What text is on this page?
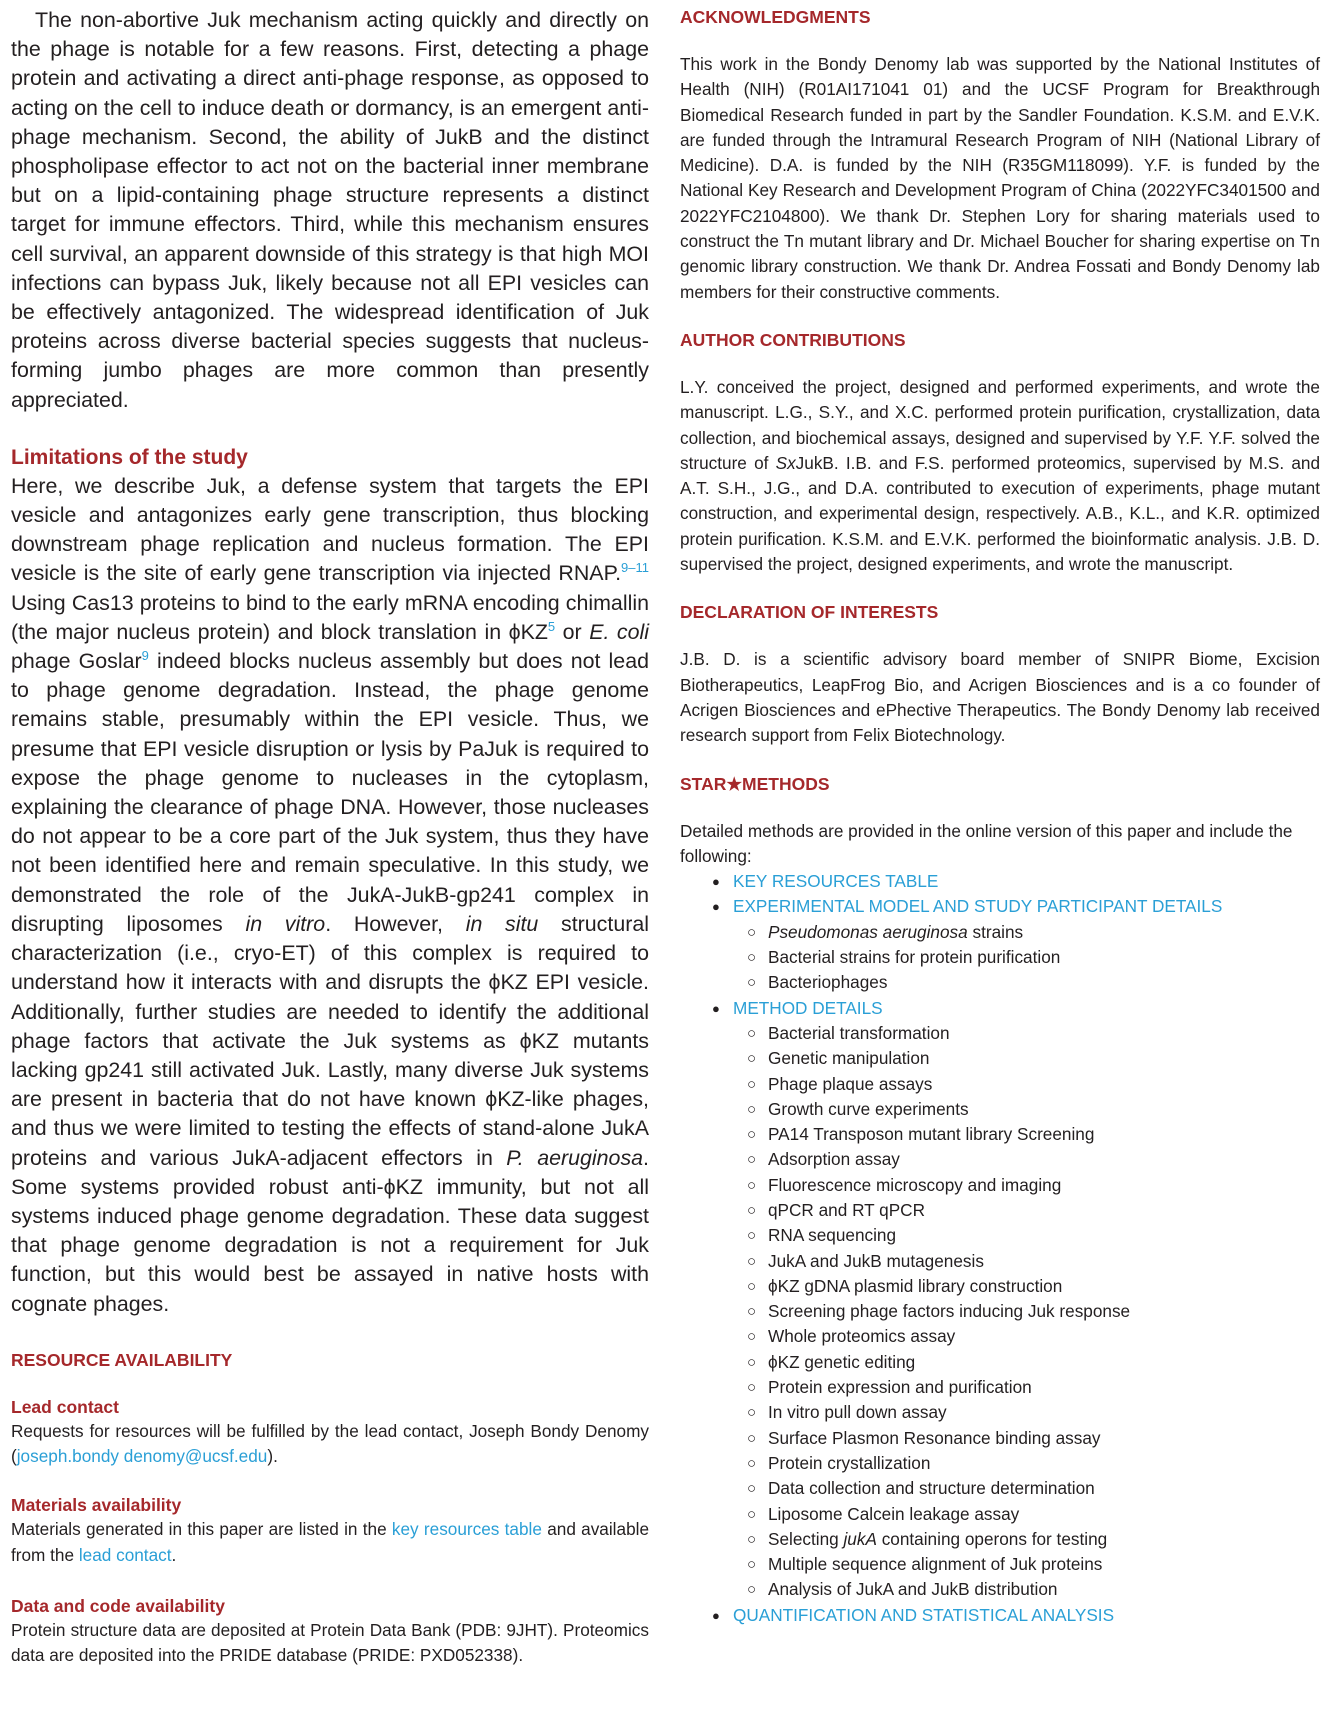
The non-abortive Juk mechanism acting quickly and directly on the phage is notable for a few reasons. First, detecting a phage protein and activating a direct anti-phage response, as opposed to acting on the cell to induce death or dormancy, is an emergent anti-phage mechanism. Second, the ability of JukB and the distinct phospholipase effector to act not on the bacterial inner membrane but on a lipid-containing phage structure represents a distinct target for immune effectors. Third, while this mechanism ensures cell survival, an apparent downside of this strategy is that high MOI infections can bypass Juk, likely because not all EPI vesicles can be effectively antagonized. The widespread identification of Juk proteins across diverse bacterial species suggests that nucleus-forming jumbo phages are more common than presently appreciated.

Limitations of the study

Here, we describe Juk, a defense system that targets the EPI vesicle and antagonizes early gene transcription, thus blocking downstream phage replication and nucleus formation. The EPI vesicle is the site of early gene transcription via injected RNAP.$^{9-11}$ Using Cas13 proteins to bind to the early mRNA encoding chimallin (the major nucleus protein) and block translation in ϕKZ$^5$ or E. coli phage Goslar$^9$ indeed blocks nucleus assembly but does not lead to phage genome degradation. Instead, the phage genome remains stable, presumably within the EPI vesicle. Thus, we presume that EPI vesicle disruption or lysis by PaJuk is required to expose the phage genome to nucleases in the cytoplasm, explaining the clearance of phage DNA. However, those nucleases do not appear to be a core part of the Juk system, thus they have not been identified here and remain speculative. In this study, we demonstrated the role of the JukA-JukB-gp241 complex in disrupting liposomes in vitro. However, in situ structural characterization (i.e., cryo-ET) of this complex is required to understand how it interacts with and disrupts the ϕKZ EPI vesicle. Additionally, further studies are needed to identify the additional phage factors that activate the Juk systems as ϕKZ mutants lacking gp241 still activated Juk. Lastly, many diverse Juk systems are present in bacteria that do not have known ϕKZ-like phages, and thus we were limited to testing the effects of stand-alone JukA proteins and various JukA-adjacent effectors in P. aeruginosa. Some systems provided robust anti-ϕKZ immunity, but not all systems induced phage genome degradation. These data suggest that phage genome degradation is not a requirement for Juk function, but this would best be assayed in native hosts with cognate phages.

RESOURCE AVAILABILITY
Lead contact

Requests for resources will be fulfilled by the lead contact, Joseph Bondy Denomy (joseph.bondy denomy@ucsf.edu).

Materials availability

Materials generated in this paper are listed in the key resources table and available from the lead contact.

Data and code availability

Protein structure data are deposited at Protein Data Bank (PDB: 9JHT). Proteomics data are deposited into the PRIDE database (PRIDE: PXD052338).

ACKNOWLEDGMENTS

This work in the Bondy Denomy lab was supported by the National Institutes of Health (NIH) (R01AI171041 01) and the UCSF Program for Breakthrough Biomedical Research funded in part by the Sandler Foundation. K.S.M. and E.V.K. are funded through the Intramural Research Program of NIH (National Library of Medicine). D.A. is funded by the NIH (R35GM118099). Y.F. is funded by the National Key Research and Development Program of China (2022YFC3401500 and 2022YFC2104800). We thank Dr. Stephen Lory for sharing materials used to construct the Tn mutant library and Dr. Michael Boucher for sharing expertise on Tn genomic library construction. We thank Dr. Andrea Fossati and Bondy Denomy lab members for their constructive comments.

AUTHOR CONTRIBUTIONS

L.Y. conceived the project, designed and performed experiments, and wrote the manuscript. L.G., S.Y., and X.C. performed protein purification, crystallization, data collection, and biochemical assays, designed and supervised by Y.F. Y.F. solved the structure of SxJukB. I.B. and F.S. performed proteomics, supervised by M.S. and A.T. S.H., J.G., and D.A. contributed to execution of experiments, phage mutant construction, and experimental design, respectively. A.B., K.L., and K.R. optimized protein purification. K.S.M. and E.V.K. performed the bioinformatic analysis. J.B. D. supervised the project, designed experiments, and wrote the manuscript.

DECLARATION OF INTERESTS

J.B. D. is a scientific advisory board member of SNIPR Biome, Excision Biotherapeutics, LeapFrog Bio, and Acrigen Biosciences and is a co founder of Acrigen Biosciences and ePhective Therapeutics. The Bondy Denomy lab received research support from Felix Biotechnology.

STAR★METHODS

Detailed methods are provided in the online version of this paper and include the following:

● KEY RESOURCES TABLE
● EXPERIMENTAL MODEL AND STUDY PARTICIPANT DETAILS
○ Pseudomonas aeruginosa strains
○ Bacterial strains for protein purification
○ Bacteriophages
● METHOD DETAILS
○ Bacterial transformation
○ Genetic manipulation
○ Phage plaque assays
○ Growth curve experiments
○ PA14 Transposon mutant library Screening
○ Adsorption assay
○ Fluorescence microscopy and imaging
○ qPCR and RT qPCR
○ RNA sequencing
○ JukA and JukB mutagenesis
○ ϕKZ gDNA plasmid library construction
○ Screening phage factors inducing Juk response
○ Whole proteomics assay
○ ϕKZ genetic editing
○ Protein expression and purification
○ In vitro pull down assay
○ Surface Plasmon Resonance binding assay
○ Protein crystallization
○ Data collection and structure determination
○ Liposome Calcein leakage assay
○ Selecting jukA containing operons for testing
○ Multiple sequence alignment of Juk proteins
○ Analysis of JukA and JukB distribution
● QUANTIFICATION AND STATISTICAL ANALYSIS
